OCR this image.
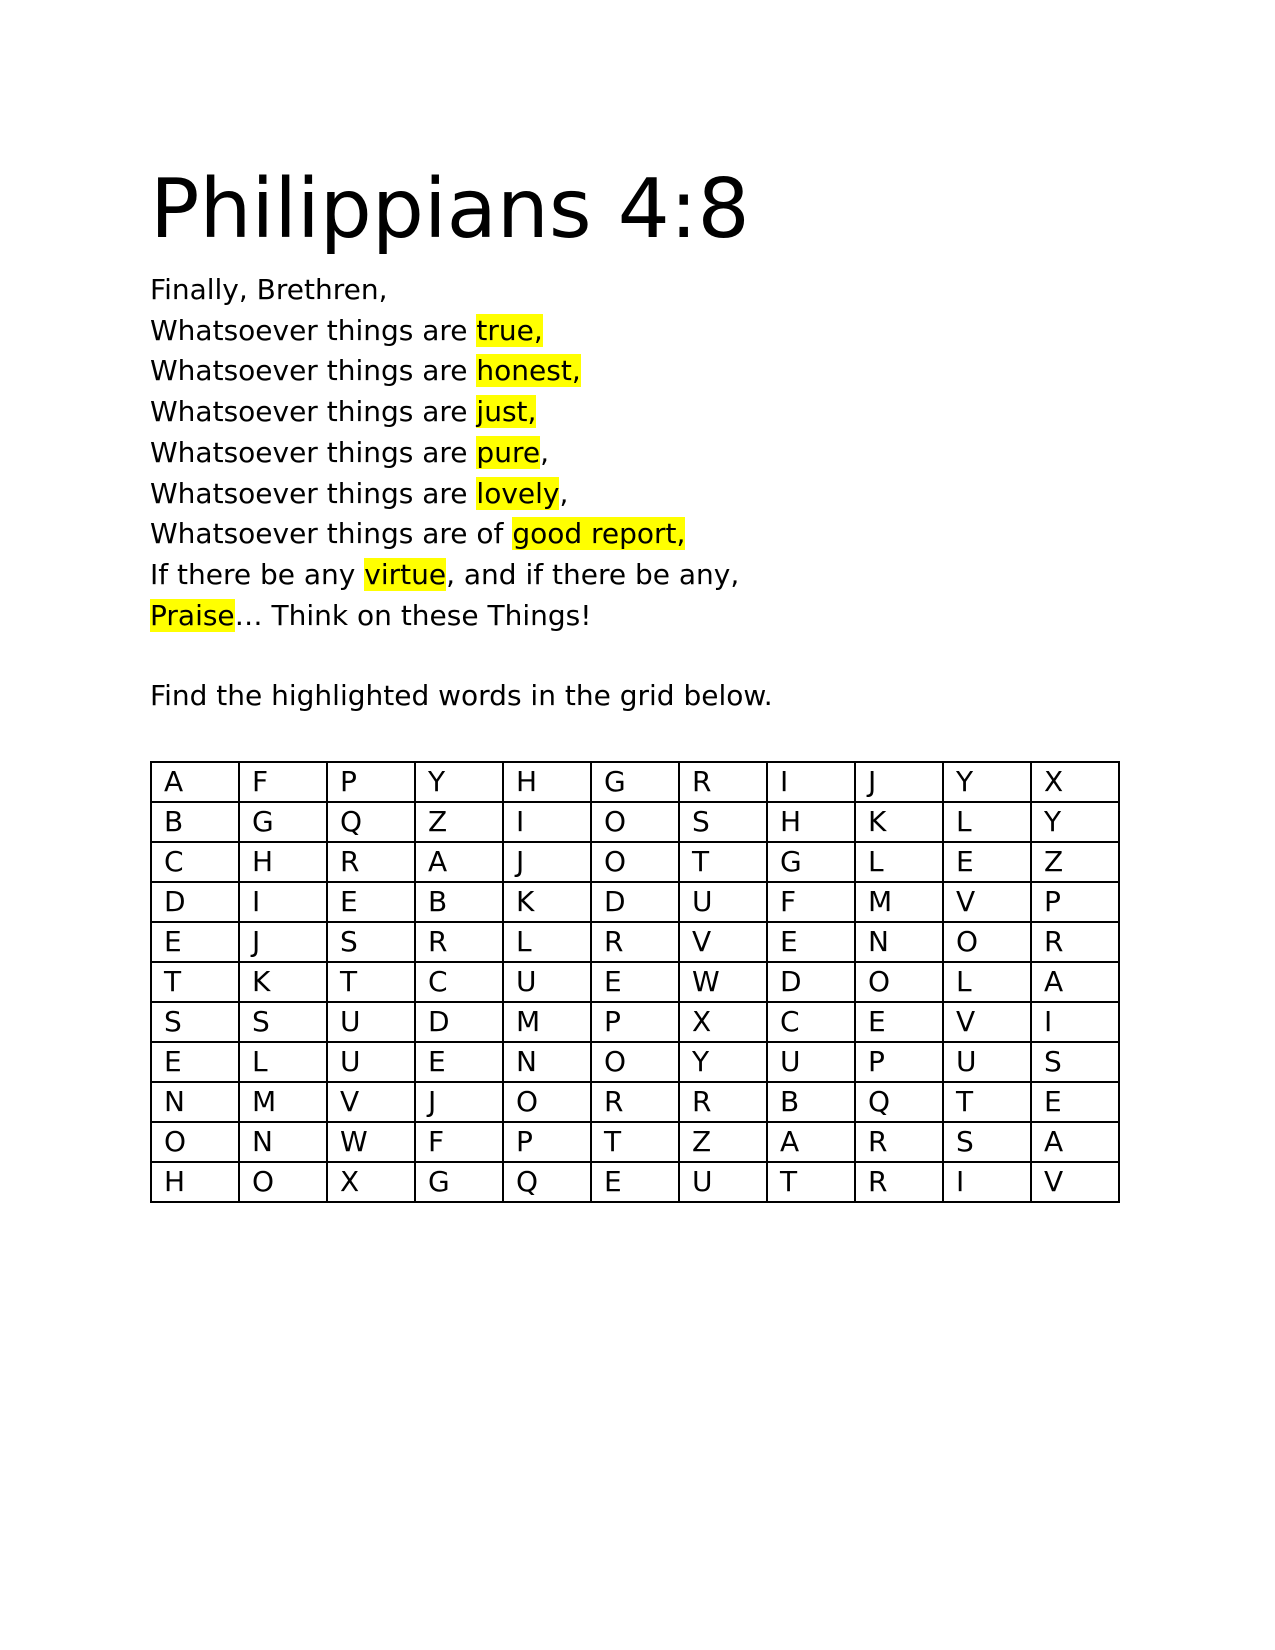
Philippians 4:8
Finally, Brethren,
Whatsoever things are true,
Whatsoever things are honest,
Whatsoever things are just,
Whatsoever things are pure,
Whatsoever things are lovely,
Whatsoever things are of good report,
If there be any virtue, and if there be any,
Praise… Think on these Things!
Find the highlighted words in the grid below.
A	F	P	Y	H	G	R	I	J	Y	X
B	G	Q	Z	I	O	S	H	K	L	Y
C	H	R	A	J	O	T	G	L	E	Z
D	I	E	B	K	D	U	F	M	V	P
E	J	S	R	L	R	V	E	N	O	R
T	K	T	C	U	E	W	D	O	L	A
S	S	U	D	M	P	X	C	E	V	I
E	L	U	E	N	O	Y	U	P	U	S
N	M	V	J	O	R	R	B	Q	T	E
O	N	W	F	P	T	Z	A	R	S	A
H	O	X	G	Q	E	U	T	R	I	V
